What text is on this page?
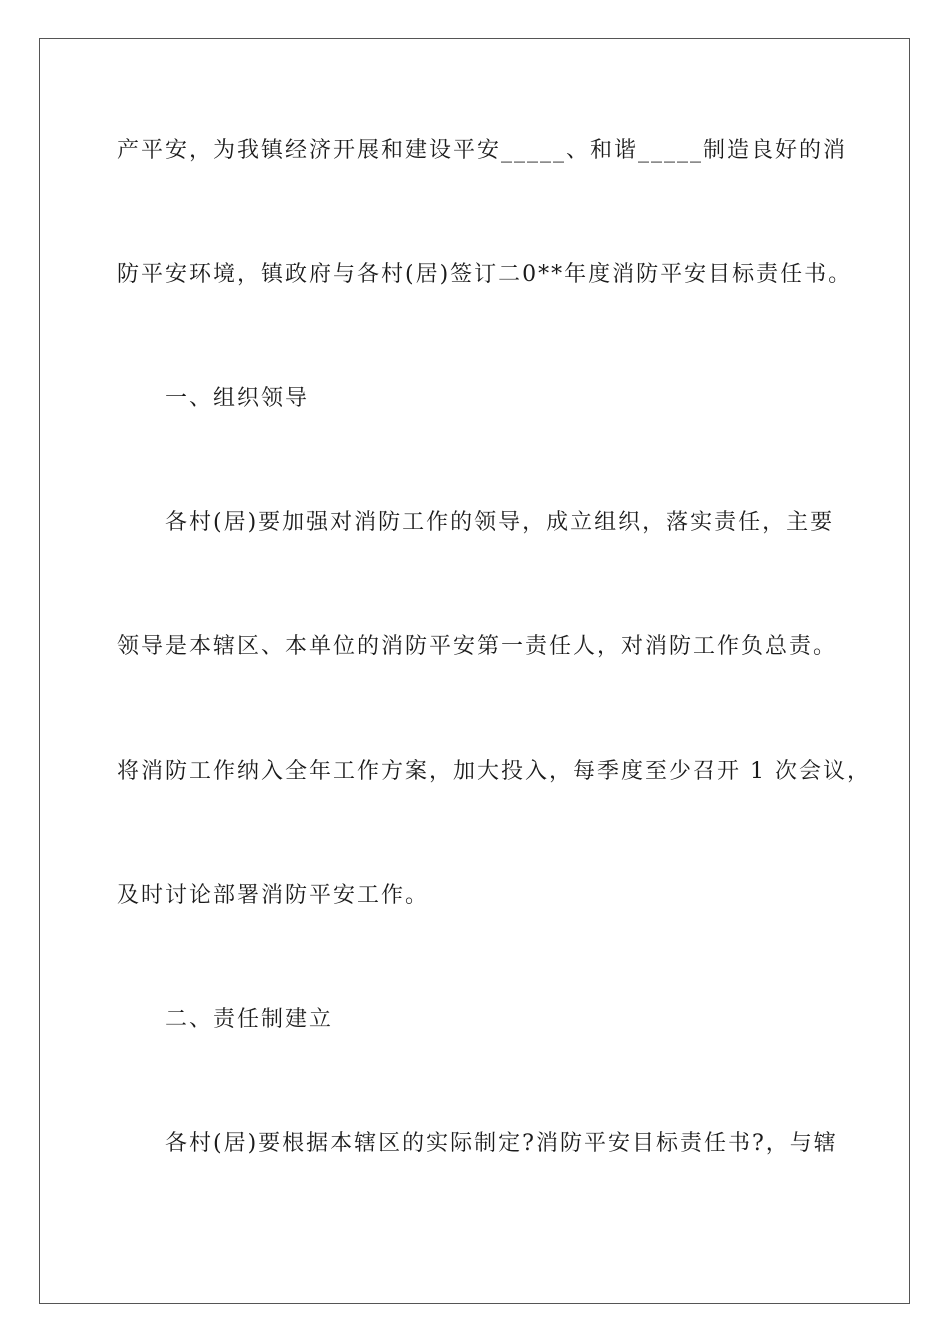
产平安，为我镇经济开展和建设平安_____、和谐_____制造良好的消
防平安环境，镇政府与各村(居)签订二0**年度消防平安目标责任书。
一、组织领导
各村(居)要加强对消防工作的领导，成立组织，落实责任，主要
领导是本辖区、本单位的消防平安第一责任人，对消防工作负总责。
将消防工作纳入全年工作方案，加大投入，每季度至少召开 1 次会议，
及时讨论部署消防平安工作。
二、责任制建立
各村(居)要根据本辖区的实际制定?消防平安目标责任书?，与辖
